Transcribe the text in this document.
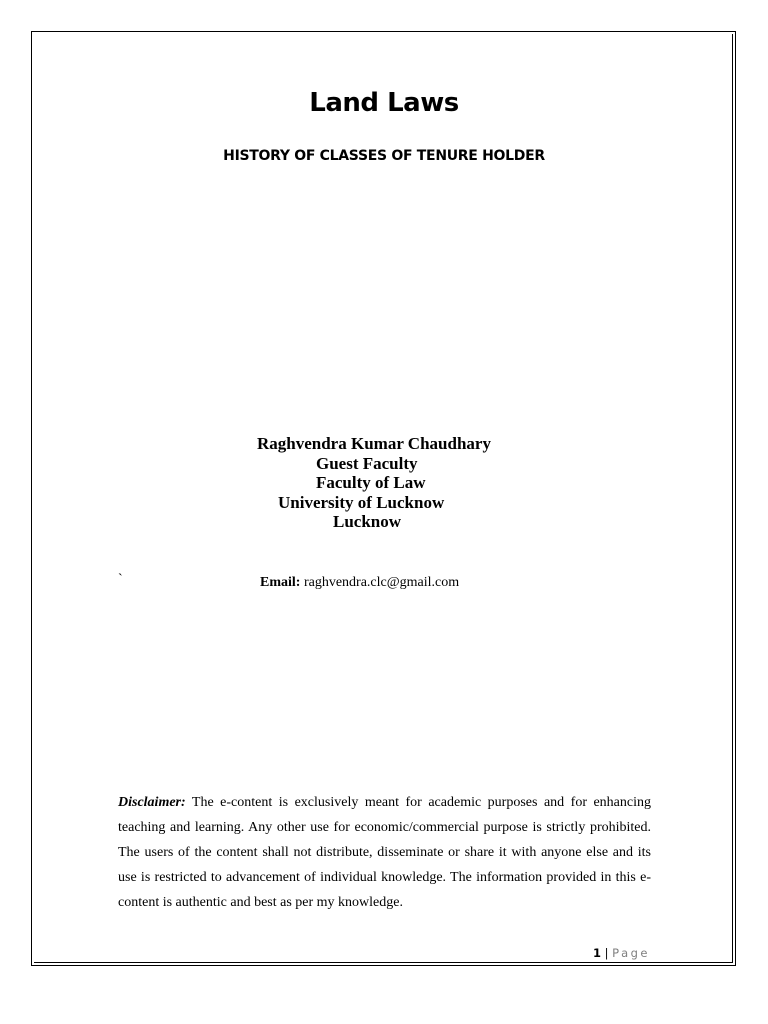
Land Laws
HISTORY OF CLASSES OF TENURE HOLDER
Raghvendra Kumar Chaudhary
Guest Faculty
Faculty of Law
University of Lucknow
Lucknow
`	Email: raghvendra.clc@gmail.com
Disclaimer: The e-content is exclusively meant for academic purposes and for enhancing teaching and learning. Any other use for economic/commercial purpose is strictly prohibited. The users of the content shall not distribute, disseminate or share it with anyone else and its use is restricted to advancement of individual knowledge. The information provided in this e-content is authentic and best as per my knowledge.
1 | Page
